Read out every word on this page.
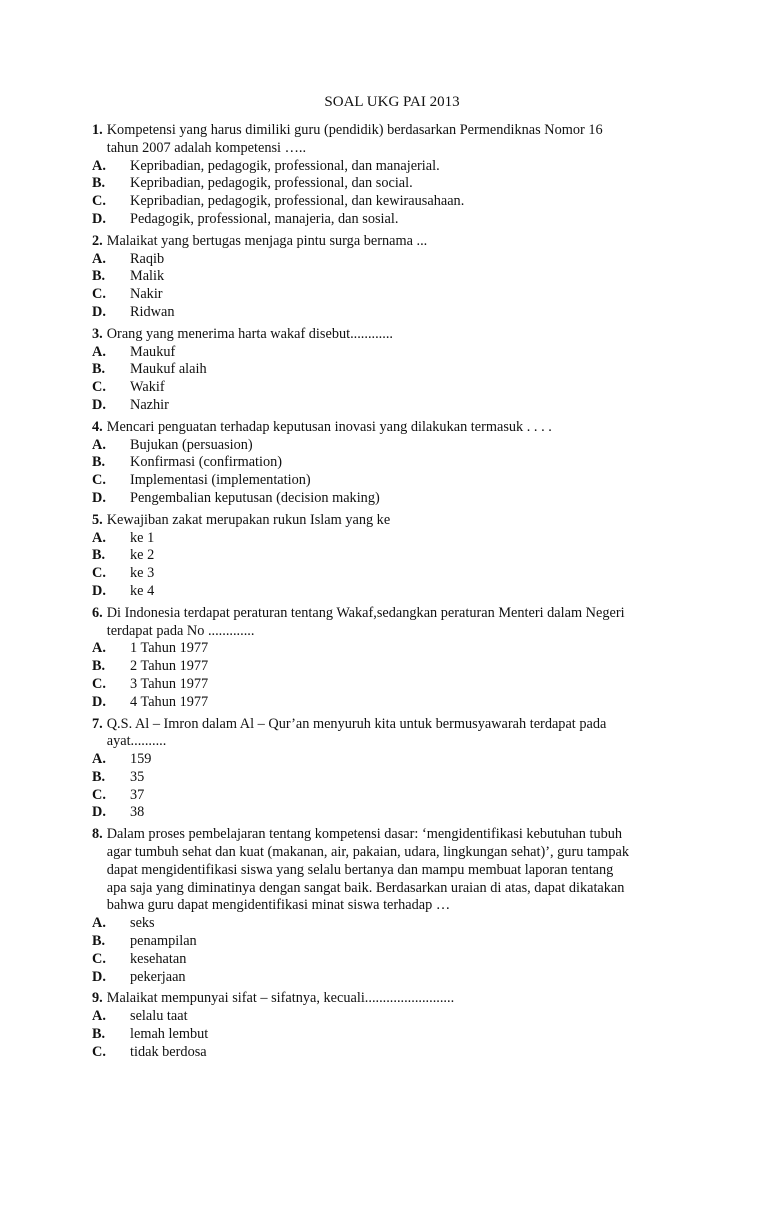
SOAL UKG PAI 2013
1. Kompetensi yang harus dimiliki guru (pendidik) berdasarkan Permendiknas Nomor 16
tahun 2007 adalah kompetensi …..
A.	Kepribadian, pedagogik, professional, dan manajerial.
B.	Kepribadian, pedagogik, professional, dan social.
C.	Kepribadian, pedagogik, professional, dan kewirausahaan.
D.	Pedagogik, professional, manajeria, dan sosial.
2. Malaikat yang bertugas menjaga pintu surga bernama ...
A.	Raqib
B.	Malik
C.	Nakir
D.	Ridwan
3. Orang yang menerima harta wakaf disebut............
A.	Maukuf
B.	Maukuf alaih
C.	Wakif
D.	Nazhir
4. Mencari penguatan terhadap keputusan inovasi yang dilakukan termasuk . . . .
A.	Bujukan (persuasion)
B.	Konfirmasi (confirmation)
C.	Implementasi (implementation)
D.	Pengembalian keputusan (decision making)
5. Kewajiban zakat merupakan rukun Islam yang ke
A.	ke 1
B.	ke 2
C.	ke 3
D.	ke 4
6. Di Indonesia terdapat peraturan tentang Wakaf,sedangkan peraturan Menteri dalam Negeri
terdapat pada No .............
A.	1 Tahun 1977
B.	2 Tahun 1977
C.	3 Tahun 1977
D.	4 Tahun 1977
7. Q.S. Al – Imron dalam Al – Qur’an menyuruh kita untuk bermusyawarah terdapat pada
ayat..........
A.	159
B.	35
C.	37
D.	38
8. Dalam proses pembelajaran tentang kompetensi dasar: ‘mengidentifikasi kebutuhan tubuh
agar tumbuh sehat dan kuat (makanan, air, pakaian, udara, lingkungan sehat)’, guru tampak
dapat mengidentifikasi siswa yang selalu bertanya dan mampu membuat laporan tentang
apa saja yang diminatinya dengan sangat baik. Berdasarkan uraian di atas, dapat dikatakan
bahwa guru dapat mengidentifikasi minat siswa terhadap …
A.	seks
B.	penampilan
C.	kesehatan
D.	pekerjaan
9. Malaikat mempunyai sifat – sifatnya, kecuali.........................
A.	selalu taat
B.	lemah lembut
C.	tidak berdosa
